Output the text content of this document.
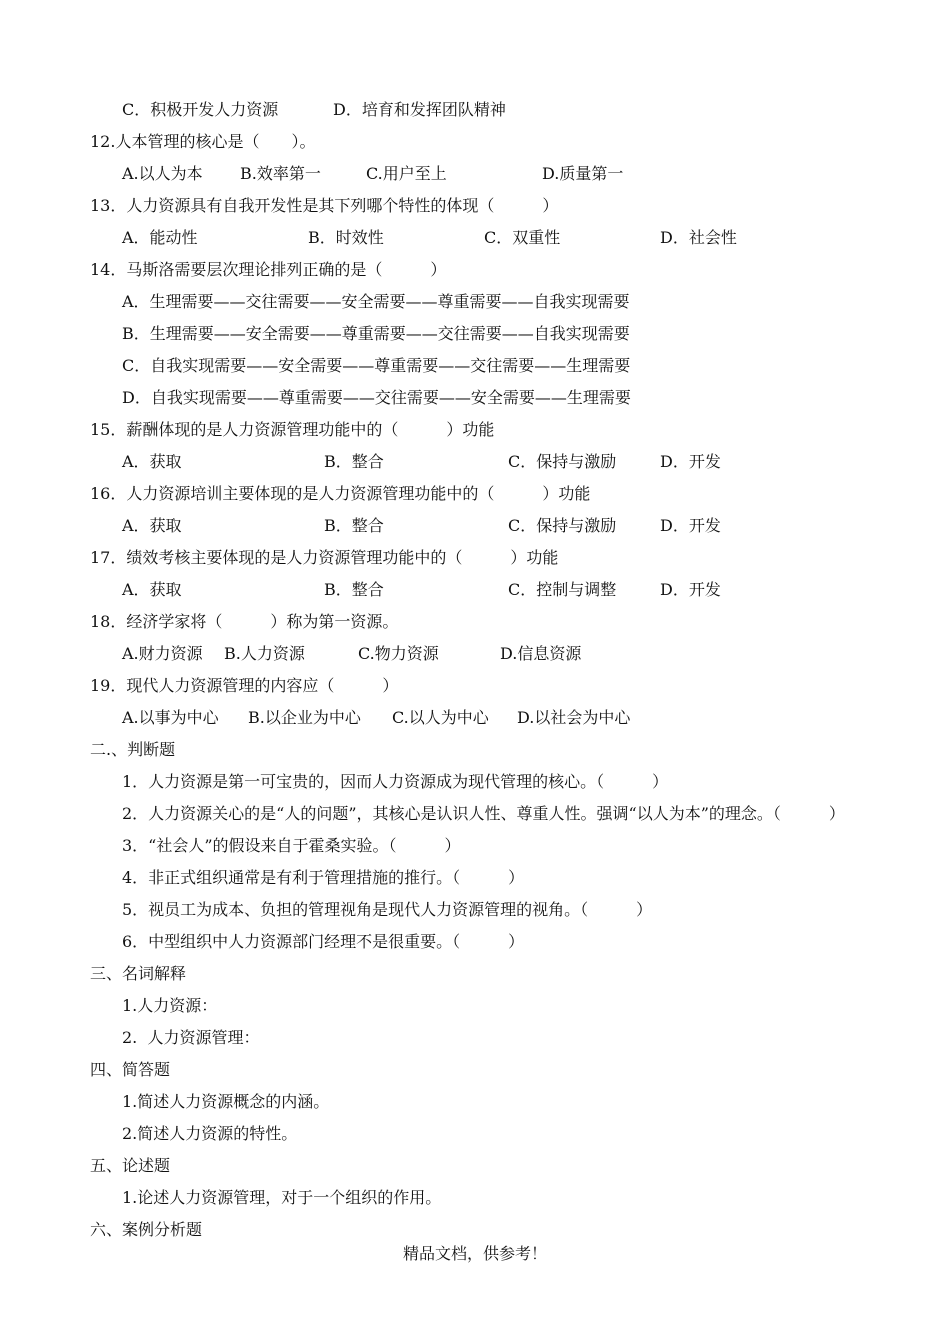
C．积极开发人力资源	D．培育和发挥团队精神
12.人本管理的核心是（　　）。
A.以人为本 B.效率第一	C.用户至上	D.质量第一
13．人力资源具有自我开发性是其下列哪个特性的体现（　　　）
A．能动性	B．时效性	C．双重性	D．社会性
14．马斯洛需要层次理论排列正确的是（　　　）
A．生理需要——交往需要——安全需要——尊重需要——自我实现需要
B．生理需要——安全需要——尊重需要——交往需要——自我实现需要
C．自我实现需要——安全需要——尊重需要——交往需要——生理需要
D．自我实现需要——尊重需要——交往需要——安全需要——生理需要
15．薪酬体现的是人力资源管理功能中的（　　　）功能
A．获取	B．整合	C．保持与激励	D．开发
16．人力资源培训主要体现的是人力资源管理功能中的（　　　）功能
A．获取	B．整合	C．保持与激励	D．开发
17．绩效考核主要体现的是人力资源管理功能中的（　　　）功能
A．获取	B．整合	C．控制与调整	D．开发
18．经济学家将（　　　）称为第一资源。
A.财力资源 B.人力资源	C.物力资源	D.信息资源
19．现代人力资源管理的内容应（　　　）
A.以事为中心 B.以企业为中心 C.以人为中心 D.以社会为中心
二.、判断题
1．人力资源是第一可宝贵的，因而人力资源成为现代管理的核心。（　　　）
2．人力资源关心的是“人的问题”，其核心是认识人性、尊重人性。强调“以人为本”的理念。（　　　）
3．“社会人”的假设来自于霍桑实验。（　　　）
4．非正式组织通常是有利于管理措施的推行。（　　　）
5．视员工为成本、负担的管理视角是现代人力资源管理的视角。（　　　）
6．中型组织中人力资源部门经理不是很重要。（　　　）
三、名词解释
1.人力资源：
2.  人力资源管理：
四、简答题
1.简述人力资源概念的内涵。
2.简述人力资源的特性。
五、论述题
1.论述人力资源管理，对于一个组织的作用。
六、案例分析题
精品文档，供参考！
